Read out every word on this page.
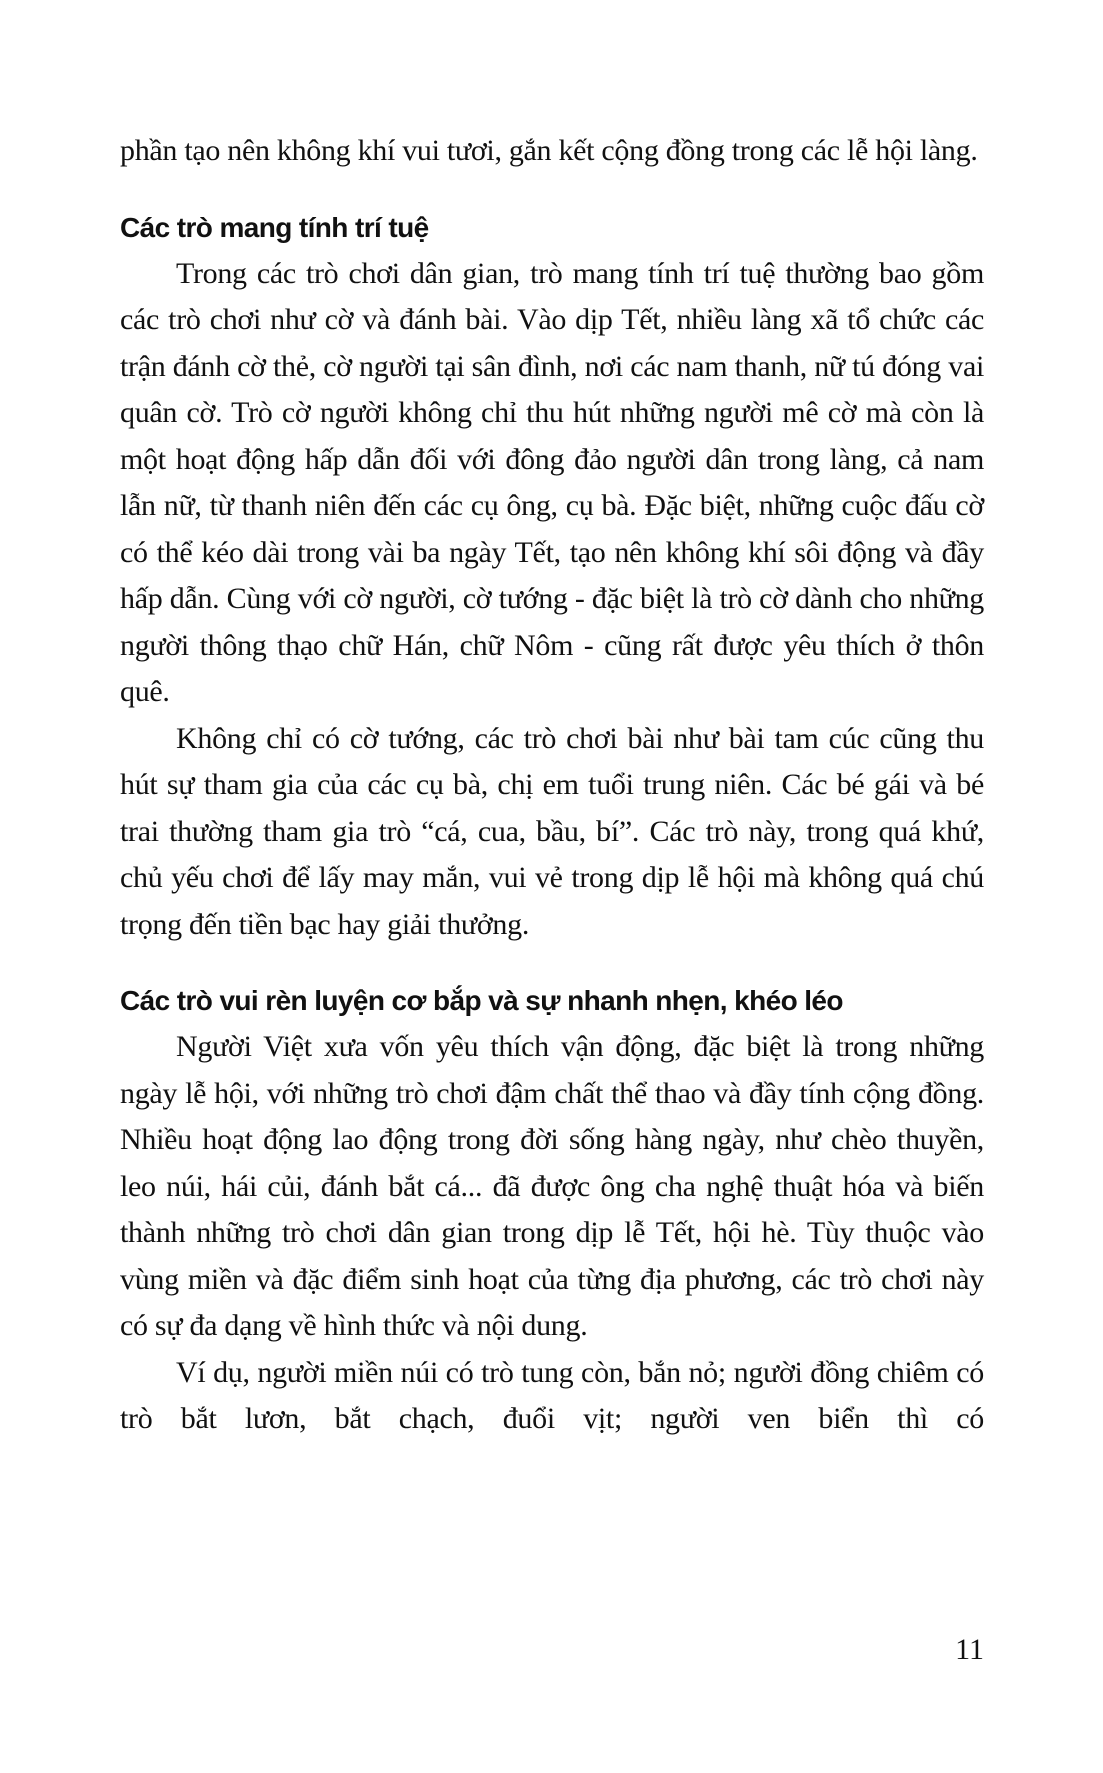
phần tạo nên không khí vui tươi, gắn kết cộng đồng trong các lễ hội làng.

Các trò mang tính trí tuệ

Trong các trò chơi dân gian, trò mang tính trí tuệ thường bao gồm các trò chơi như cờ và đánh bài. Vào dịp Tết, nhiều làng xã tổ chức các trận đánh cờ thẻ, cờ người tại sân đình, nơi các nam thanh, nữ tú đóng vai quân cờ. Trò cờ người không chỉ thu hút những người mê cờ mà còn là một hoạt động hấp dẫn đối với đông đảo người dân trong làng, cả nam lẫn nữ, từ thanh niên đến các cụ ông, cụ bà. Đặc biệt, những cuộc đấu cờ có thể kéo dài trong vài ba ngày Tết, tạo nên không khí sôi động và đầy hấp dẫn. Cùng với cờ người, cờ tướng - đặc biệt là trò cờ dành cho những người thông thạo chữ Hán, chữ Nôm - cũng rất được yêu thích ở thôn quê.

Không chỉ có cờ tướng, các trò chơi bài như bài tam cúc cũng thu hút sự tham gia của các cụ bà, chị em tuổi trung niên. Các bé gái và bé trai thường tham gia trò “cá, cua, bầu, bí”. Các trò này, trong quá khứ, chủ yếu chơi để lấy may mắn, vui vẻ trong dịp lễ hội mà không quá chú trọng đến tiền bạc hay giải thưởng.

Các trò vui rèn luyện cơ bắp và sự nhanh nhẹn, khéo léo

Người Việt xưa vốn yêu thích vận động, đặc biệt là trong những ngày lễ hội, với những trò chơi đậm chất thể thao và đầy tính cộng đồng. Nhiều hoạt động lao động trong đời sống hàng ngày, như chèo thuyền, leo núi, hái củi, đánh bắt cá... đã được ông cha nghệ thuật hóa và biến thành những trò chơi dân gian trong dịp lễ Tết, hội hè. Tùy thuộc vào vùng miền và đặc điểm sinh hoạt của từng địa phương, các trò chơi này có sự đa dạng về hình thức và nội dung.

Ví dụ, người miền núi có trò tung còn, bắn nỏ; người đồng chiêm có trò bắt lươn, bắt chạch, đuổi vịt; người ven biển thì có

11
